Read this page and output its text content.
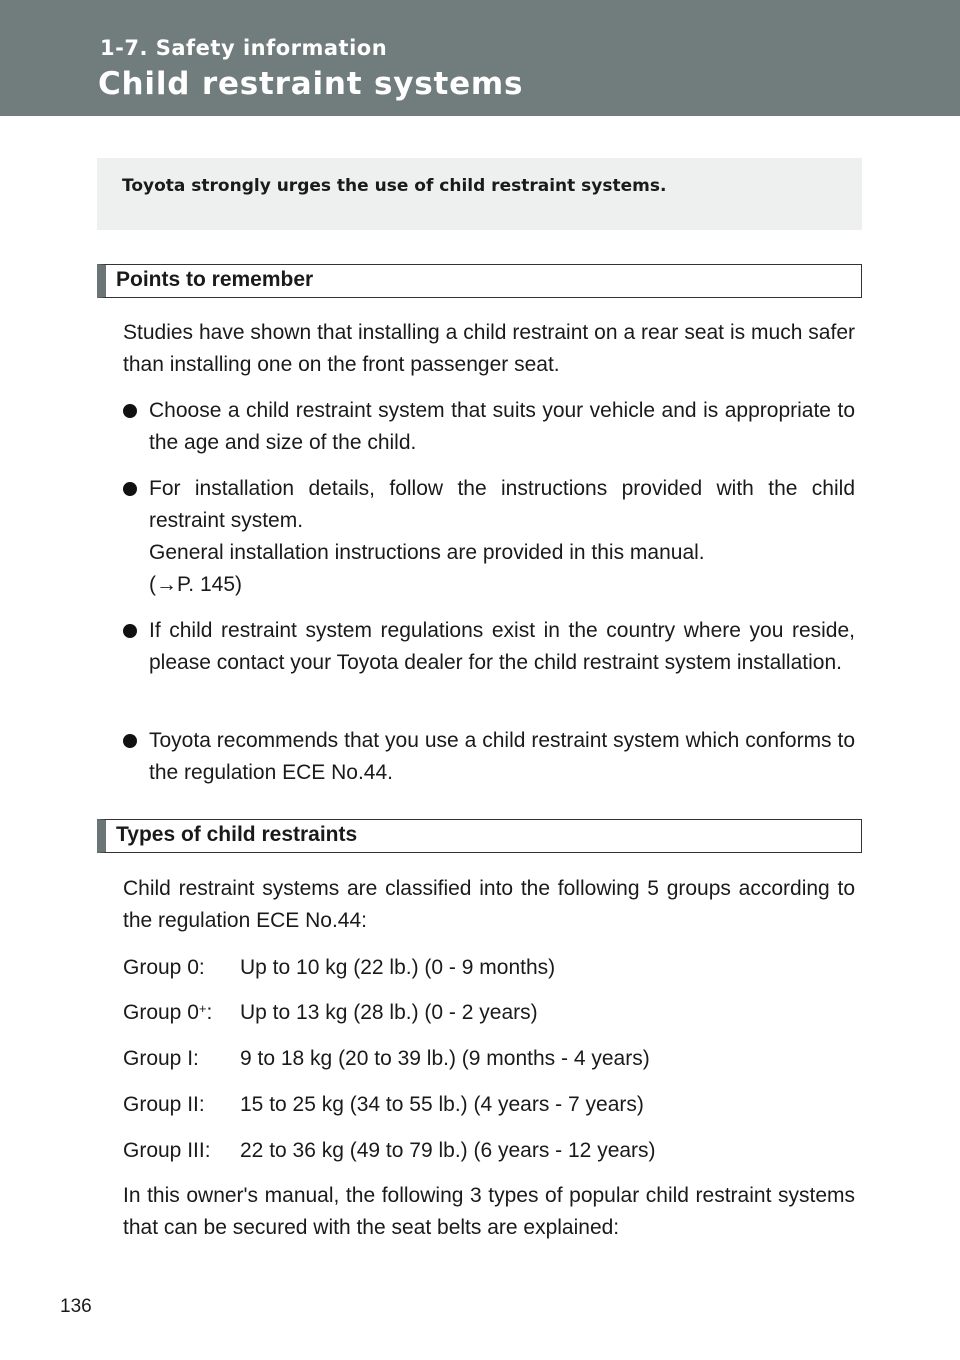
1-7. Safety information
Child restraint systems

Toyota strongly urges the use of child restraint systems.

Points to remember
Studies have shown that installing a child restraint on a rear seat is much safer than installing one on the front passenger seat.
Choose a child restraint system that suits your vehicle and is appropriate to the age and size of the child.
For installation details, follow the instructions provided with the child restraint system.
General installation instructions are provided in this manual.
(→P. 145)
If child restraint system regulations exist in the country where you reside, please contact your Toyota dealer for the child restraint system installation.
Toyota recommends that you use a child restraint system which conforms to the regulation ECE No.44.
Types of child restraints
Child restraint systems are classified into the following 5 groups according to the regulation ECE No.44:
Group 0: Up to 10 kg (22 lb.) (0 - 9 months)
Group 0+: Up to 13 kg (28 lb.) (0 - 2 years)
Group I: 9 to 18 kg (20 to 39 lb.) (9 months - 4 years)
Group II: 15 to 25 kg (34 to 55 lb.) (4 years - 7 years)
Group III: 22 to 36 kg (49 to 79 lb.) (6 years - 12 years)
In this owner's manual, the following 3 types of popular child restraint systems that can be secured with the seat belts are explained:
136
